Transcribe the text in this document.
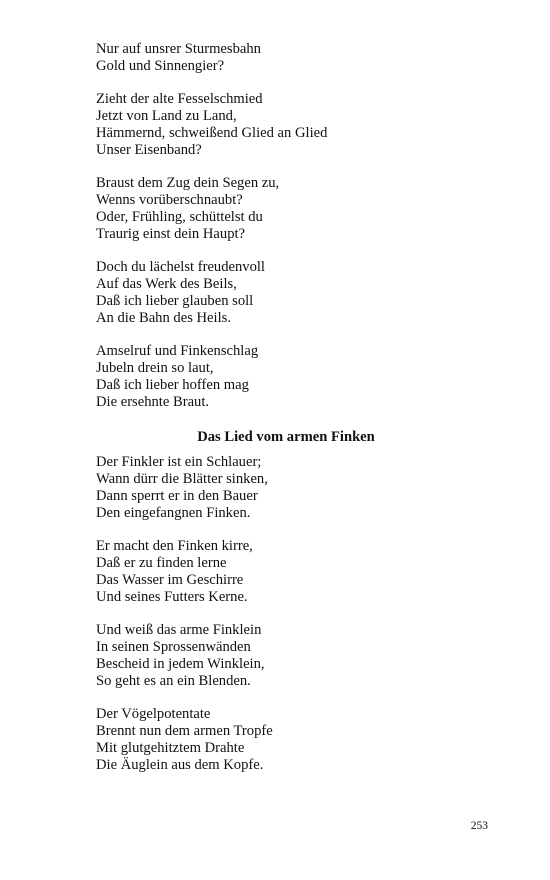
Nur auf unsrer Sturmesbahn
Gold und Sinnengier?
Zieht der alte Fesselschmied
Jetzt von Land zu Land,
Hämmernd, schweißend Glied an Glied
Unser Eisenband?
Braust dem Zug dein Segen zu,
Wenns vorüberschnaubt?
Oder, Frühling, schüttelst du
Traurig einst dein Haupt?
Doch du lächelst freudenvoll
Auf das Werk des Beils,
Daß ich lieber glauben soll
An die Bahn des Heils.
Amselruf und Finkenschlag
Jubeln drein so laut,
Daß ich lieber hoffen mag
Die ersehnte Braut.
Das Lied vom armen Finken
Der Finkler ist ein Schlauer;
Wann dürr die Blätter sinken,
Dann sperrt er in den Bauer
Den eingefangnen Finken.
Er macht den Finken kirre,
Daß er zu finden lerne
Das Wasser im Geschirre
Und seines Futters Kerne.
Und weiß das arme Finklein
In seinen Sprossenwänden
Bescheid in jedem Winklein,
So geht es an ein Blenden.
Der Vögelpotentate
Brennt nun dem armen Tropfe
Mit glutgehitztem Drahte
Die Äuglein aus dem Kopfe.
253
